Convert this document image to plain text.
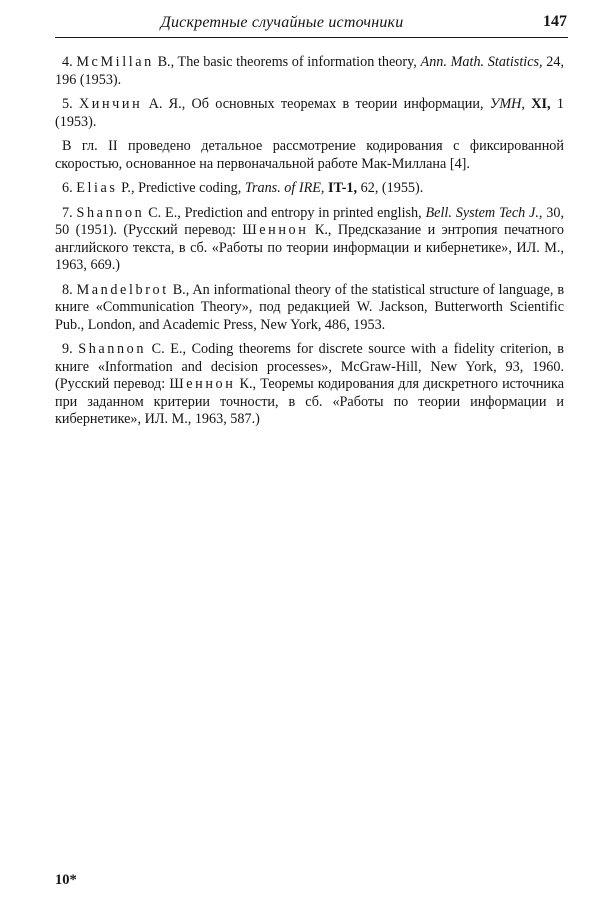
Дискретные случайные источники	147

4. McMillan B., The basic theorems of information theory, Ann. Math. Statistics, 24, 196 (1953).

5. Хинчин А. Я., Об основных теоремах в теории информации, УМН, XI, 1 (1953).

В гл. II проведено детальное рассмотрение кодирования с фиксированной скоростью, основанное на первоначальной работе Мак-Миллана [4].

6. Elias P., Predictive coding, Trans. of IRE, IT-1, 62, (1955).

7. Shannon C. E., Prediction and entropy in printed english, Bell. System Tech J., 30, 50 (1951). (Русский перевод: Шеннон К., Предсказание и энтропия печатного английского текста, в сб. «Работы по теории информации и кибернетике», ИЛ. М., 1963, 669.)

8. Mandelbrot B., An informational theory of the statistical structure of language, в книге «Communication Theory», под редакцией W. Jackson, Butterworth Scientific Pub., London, and Academic Press, New York, 486, 1953.

9. Shannon C. E., Coding theorems for discrete source with a fidelity criterion, в книге «Information and decision processes», McGraw-Hill, New York, 93, 1960. (Русский перевод: Шеннон К., Теоремы кодирования для дискретного источника при заданном критерии точности, в сб. «Работы по теории информации и кибернетике», ИЛ. М., 1963, 587.)

10*
